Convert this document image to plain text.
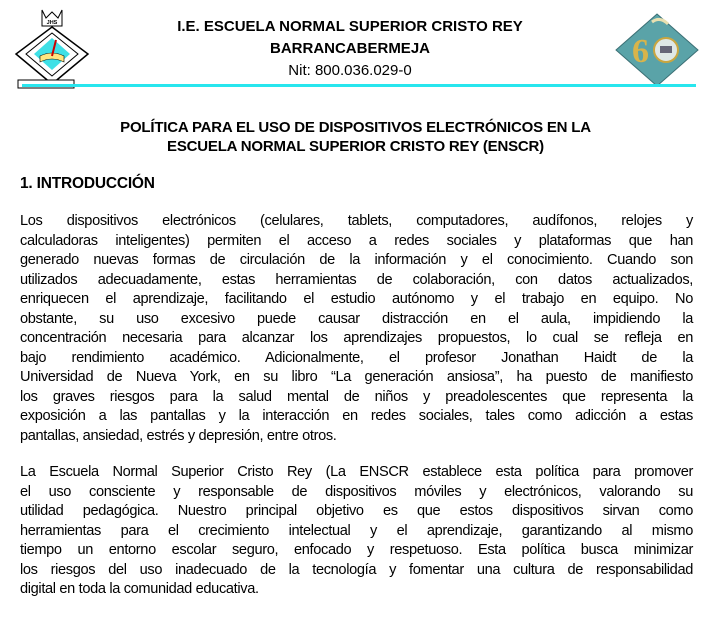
JHS	I.E. ESCUELA NORMAL SUPERIOR CRISTO REY
BARRANCABERMEJA
Nit: 800.036.029-0
6
POLÍTICA PARA EL USO DE DISPOSITIVOS ELECTRÓNICOS EN LA
ESCUELA NORMAL SUPERIOR CRISTO REY (ENSCR)
1. INTRODUCCIÓN
Los dispositivos electrónicos (celulares, tablets, computadores, audífonos, relojes y
calculadoras inteligentes) permiten el acceso a redes sociales y plataformas que han
generado nuevas formas de circulación de la información y el conocimiento. Cuando son
utilizados adecuadamente, estas herramientas de colaboración, con datos actualizados,
enriquecen el aprendizaje, facilitando el estudio autónomo y el trabajo en equipo. No
obstante, su uso excesivo puede causar distracción en el aula, impidiendo la
concentración necesaria para alcanzar los aprendizajes propuestos, lo cual se refleja en
bajo rendimiento académico. Adicionalmente, el profesor Jonathan Haidt de la
Universidad de Nueva York, en su libro “La generación ansiosa”, ha puesto de manifiesto
los graves riesgos para la salud mental de niños y preadolescentes que representa la
exposición a las pantallas y la interacción en redes sociales, tales como adicción a estas
pantallas, ansiedad, estrés y depresión, entre otros.
La Escuela Normal Superior Cristo Rey (La ENSCR establece esta política para promover
el uso consciente y responsable de dispositivos móviles y electrónicos, valorando su
utilidad pedagógica. Nuestro principal objetivo es que estos dispositivos sirvan como
herramientas para el crecimiento intelectual y el aprendizaje, garantizando al mismo
tiempo un entorno escolar seguro, enfocado y respetuoso. Esta política busca minimizar
los riesgos del uso inadecuado de la tecnología y fomentar una cultura de responsabilidad
digital en toda la comunidad educativa.
